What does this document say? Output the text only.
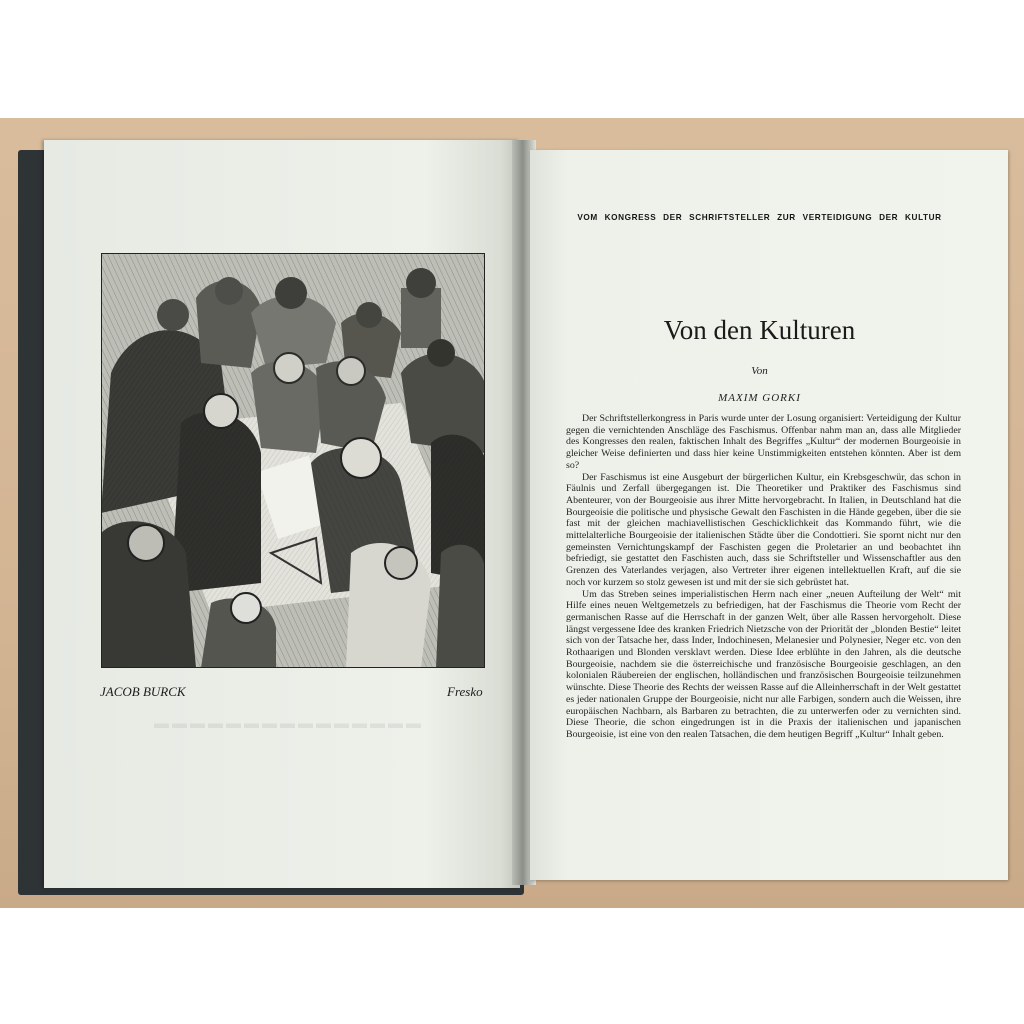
▬▬▬▬▬▬▬▬▬▬▬▬▬▬▬
JACOB BURCK	Fresko
VOM KONGRESS DER SCHRIFTSTELLER ZUR VERTEIDIGUNG DER KULTUR
Von den Kulturen
Von
MAXIM GORKI

Der Schriftstellerkongress in Paris wurde unter der Losung organisiert: Verteidigung der Kultur gegen die vernichtenden Anschläge des Faschismus. Offenbar nahm man an, dass alle Mitglieder des Kongresses den realen, faktischen Inhalt des Begriffes „Kultur“ der modernen Bourgeoisie in gleicher Weise definierten und dass hier keine Unstimmigkeiten entstehen könnten. Aber ist dem so?

Der Faschismus ist eine Ausgeburt der bürgerlichen Kultur, ein Krebsgeschwür, das schon in Fäulnis und Zerfall übergegangen ist. Die Theoretiker und Praktiker des Faschismus sind Abenteurer, von der Bourgeoisie aus ihrer Mitte hervorgebracht. In Italien, in Deutschland hat die Bourgeoisie die politische und physische Gewalt den Faschisten in die Hände gegeben, über die sie fast mit der gleichen machiavellistischen Geschicklichkeit das Kommando führt, wie die mittelalterliche Bourgeoisie der italienischen Städte über die Condottieri. Sie spornt nicht nur den gemeinsten Vernichtungskampf der Faschisten gegen die Proletarier an und beobachtet ihn befriedigt, sie gestattet den Faschisten auch, dass sie Schriftsteller und Wissenschaftler aus den Grenzen des Vaterlandes verjagen, also Vertreter ihrer eigenen intellektuellen Kraft, auf die sie noch vor kurzem so stolz gewesen ist und mit der sie sich gebrüstet hat.

Um das Streben seines imperialistischen Herrn nach einer „neuen Aufteilung der Welt“ mit Hilfe eines neuen Weltgemetzels zu befriedigen, hat der Faschismus die Theorie vom Recht der germanischen Rasse auf die Herrschaft in der ganzen Welt, über alle Rassen hervorgeholt. Diese längst vergessene Idee des kranken Friedrich Nietzsche von der Priorität der „blonden Bestie“ leitet sich von der Tatsache her, dass Inder, Indochinesen, Melanesier und Polynesier, Neger etc. von den Rothaarigen und Blonden versklavt werden. Diese Idee erblühte in den Jahren, als die deutsche Bourgeoisie, nachdem sie die österreichische und französische Bourgeoisie geschlagen, an den kolonialen Räubereien der englischen, holländischen und französischen Bourgeoisie teilzunehmen wünschte. Diese Theorie des Rechts der weissen Rasse auf die Alleinherrschaft in der Welt gestattet es jeder nationalen Gruppe der Bourgeoisie, nicht nur alle Farbigen, sondern auch die Weissen, ihre europäischen Nachbarn, als Barbaren zu betrachten, die zu unterwerfen oder zu vernichten sind. Diese Theorie, die schon eingedrungen ist in die Praxis der italienischen und japanischen Bourgeoisie, ist eine von den realen Tatsachen, die dem heutigen Begriff „Kultur“ Inhalt geben.
